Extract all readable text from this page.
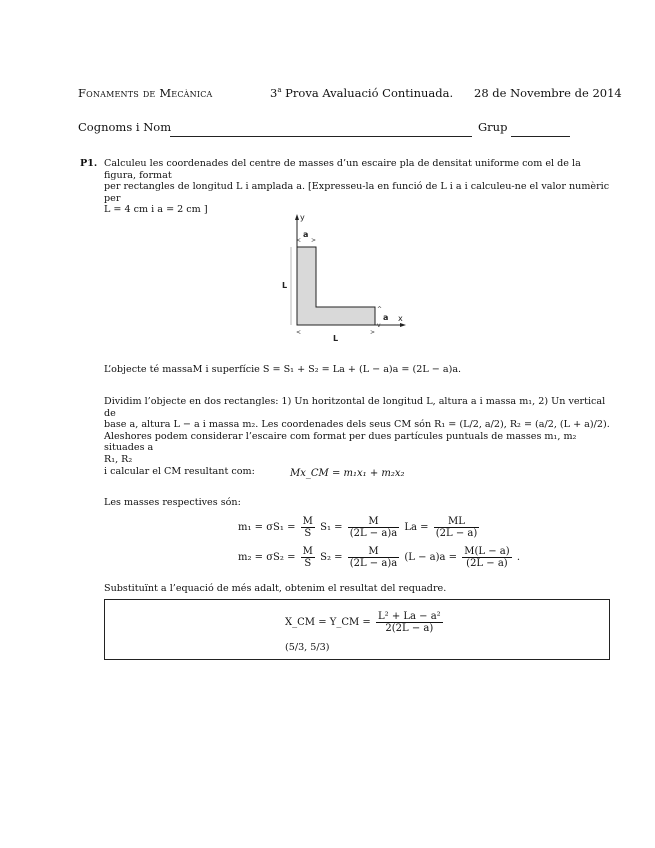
Fonaments de Mecànica	3$^a$ Prova Avaluació Continuada. 28 de Novembre de 2014
Cognoms i Nom	Grup
P1. Calculeu les coordenades del centre de masses d’un escaire pla de densitat uniforme com el de la figura, format
per rectangles de longitud L i amplada a. [Expresseu-la en funció de L i a i calculeu-ne el valor numèric per
L = 4 cm i a = 2 cm ]
y
x
< >
a
L
<	>
L
^
v
a
L’objecte té massaM i superfície S = S₁ + S₂ = La + (L − a)a = (2L − a)a.
Dividim l’objecte en dos rectangles: 1) Un horitzontal de longitud L, altura a i massa m₁, 2) Un vertical de
base a, altura L − a i massa m₂. Les coordenades dels seus CM són R₁ = (L/2, a/2), R₂ = (a/2, (L + a)/2).
Aleshores podem considerar l’escaire com format per dues partícules puntuals de masses m₁, m₂ situades a
R₁, R₂
i calcular el CM resultant com:	Mx_CM = m₁x₁ + m₂x₂
Les masses respectives són:
$m_1 = \sigma S_1 = \frac{M}{S} S_1 = \frac{M}{(2L - a)a}$ $La = \frac{ML}{(2L - a)}$
$m_2 = \sigma S_2 = \frac{M}{S} S_2 = \frac{M}{(2L - a)a} (L - a)a = \frac{M(L - a)}{(2L - a)}$ .
Substituïnt a l’equació de més adalt, obtenim el resultat del requadre.
X_CM = Y_CM = $\frac{\text{L² + La − a²}}{2(2L - a)}$
(5/3, 5/3)
